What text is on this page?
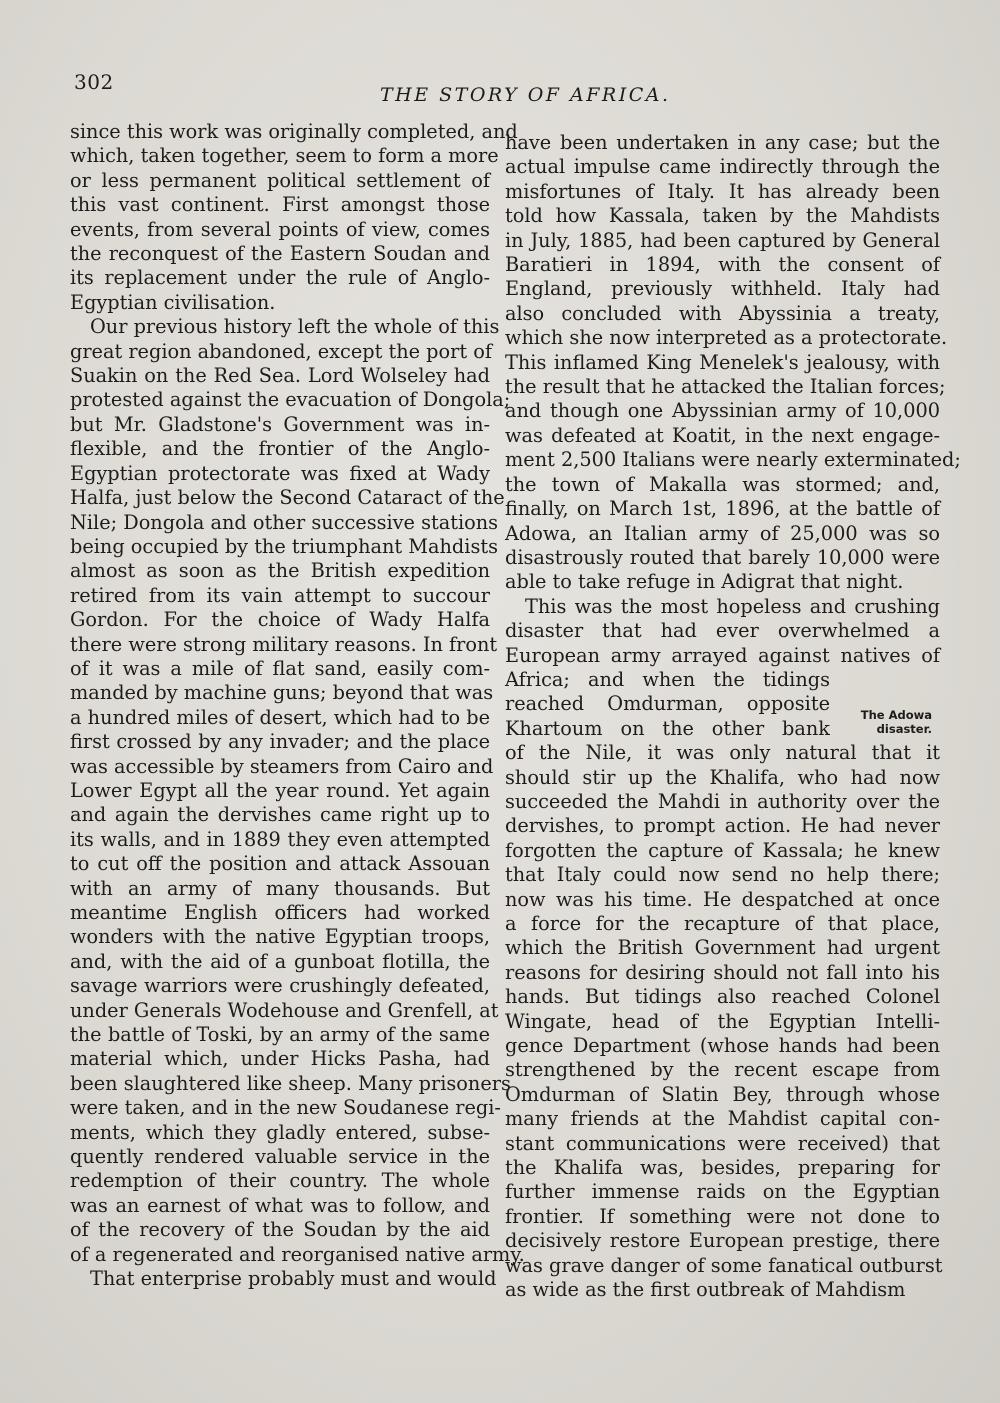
302
THE STORY OF AFRICA.
since this work was originally completed, and
which, taken together, seem to form a more
or less permanent political settlement of
this vast continent. First amongst those
events, from several points of view, comes
the reconquest of the Eastern Soudan and
its replacement under the rule of Anglo-
Egyptian civilisation.
Our previous history left the whole of this
great region abandoned, except the port of
Suakin on the Red Sea. Lord Wolseley had
protested against the evacuation of Dongola;
but Mr. Gladstone's Government was in-
flexible, and the frontier of the Anglo-
Egyptian protectorate was fixed at Wady
Halfa, just below the Second Cataract of the
Nile; Dongola and other successive stations
being occupied by the triumphant Mahdists
almost as soon as the British expedition
retired from its vain attempt to succour
Gordon. For the choice of Wady Halfa
there were strong military reasons. In front
of it was a mile of flat sand, easily com-
manded by machine guns; beyond that was
a hundred miles of desert, which had to be
first crossed by any invader; and the place
was accessible by steamers from Cairo and
Lower Egypt all the year round. Yet again
and again the dervishes came right up to
its walls, and in 1889 they even attempted
to cut off the position and attack Assouan
with an army of many thousands. But
meantime English officers had worked
wonders with the native Egyptian troops,
and, with the aid of a gunboat flotilla, the
savage warriors were crushingly defeated,
under Generals Wodehouse and Grenfell, at
the battle of Toski, by an army of the same
material which, under Hicks Pasha, had
been slaughtered like sheep. Many prisoners
were taken, and in the new Soudanese regi-
ments, which they gladly entered, subse-
quently rendered valuable service in the
redemption of their country. The whole
was an earnest of what was to follow, and
of the recovery of the Soudan by the aid
of a regenerated and reorganised native army.
That enterprise probably must and would
have been undertaken in any case; but the
actual impulse came indirectly through the
misfortunes of Italy. It has already been
told how Kassala, taken by the Mahdists
in July, 1885, had been captured by General
Baratieri in 1894, with the consent of
England, previously withheld. Italy had
also concluded with Abyssinia a treaty,
which she now interpreted as a protectorate.
This inflamed King Menelek's jealousy, with
the result that he attacked the Italian forces;
and though one Abyssinian army of 10,000
was defeated at Koatit, in the next engage-
ment 2,500 Italians were nearly exterminated;
the town of Makalla was stormed; and,
finally, on March 1st, 1896, at the battle of
Adowa, an Italian army of 25,000 was so
disastrously routed that barely 10,000 were
able to take refuge in Adigrat that night.
This was the most hopeless and crushing
disaster that had ever overwhelmed a
European army arrayed against natives of
Africa; and when the tidings
reached Omdurman, opposite
Khartoum on the other bank
of the Nile, it was only natural that it
should stir up the Khalifa, who had now
succeeded the Mahdi in authority over the
dervishes, to prompt action. He had never
forgotten the capture of Kassala; he knew
that Italy could now send no help there;
now was his time. He despatched at once
a force for the recapture of that place,
which the British Government had urgent
reasons for desiring should not fall into his
hands. But tidings also reached Colonel
Wingate, head of the Egyptian Intelli-
gence Department (whose hands had been
strengthened by the recent escape from
Omdurman of Slatin Bey, through whose
many friends at the Mahdist capital con-
stant communications were received) that
the Khalifa was, besides, preparing for
further immense raids on the Egyptian
frontier. If something were not done to
decisively restore European prestige, there
was grave danger of some fanatical outburst
as wide as the first outbreak of Mahdism
The Adowa
disaster.
